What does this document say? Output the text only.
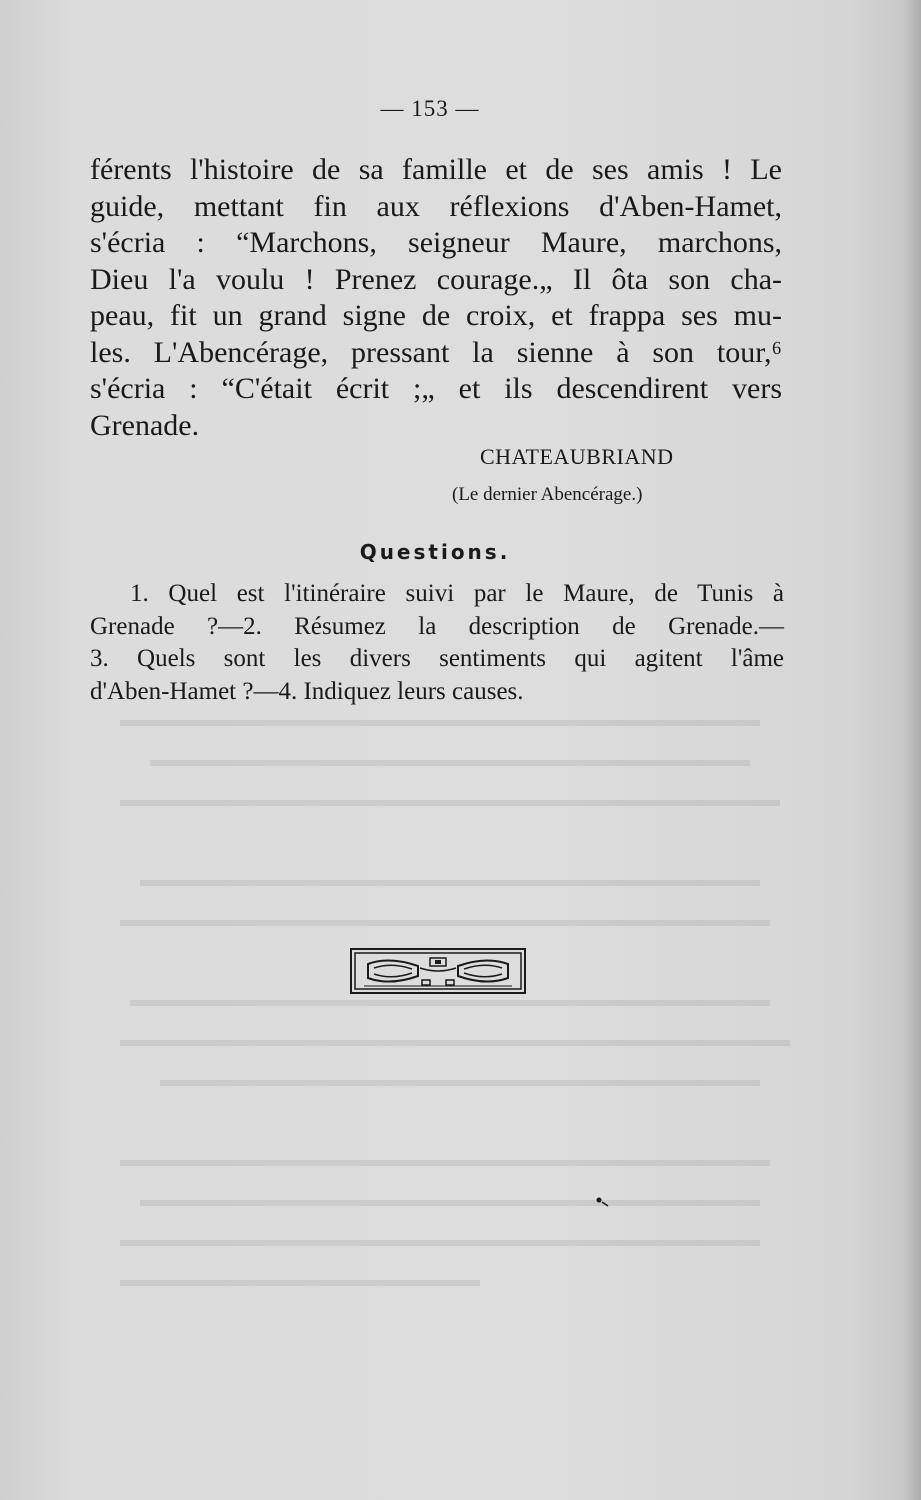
— 153 —
férents l'histoire de sa famille et de ses amis ! Le
guide, mettant fin aux réflexions d'Aben-Hamet,
s'écria : “Marchons, seigneur Maure, marchons,
Dieu l'a voulu ! Prenez courage.„ Il ôta son cha-
peau, fit un grand signe de croix, et frappa ses mu-
les. L'Abencérage, pressant la sienne à son tour,⁶
s'écria : “C'était écrit ;„ et ils descendirent vers
Grenade.
CHATEAUBRIAND
(Le dernier Abencérage.)
Questions.
1. Quel est l'itinéraire suivi par le Maure, de Tunis à
Grenade ?—2. Résumez la description de Grenade.—
3. Quels sont les divers sentiments qui agitent l'âme
d'Aben-Hamet ?—4. Indiquez leurs causes.
